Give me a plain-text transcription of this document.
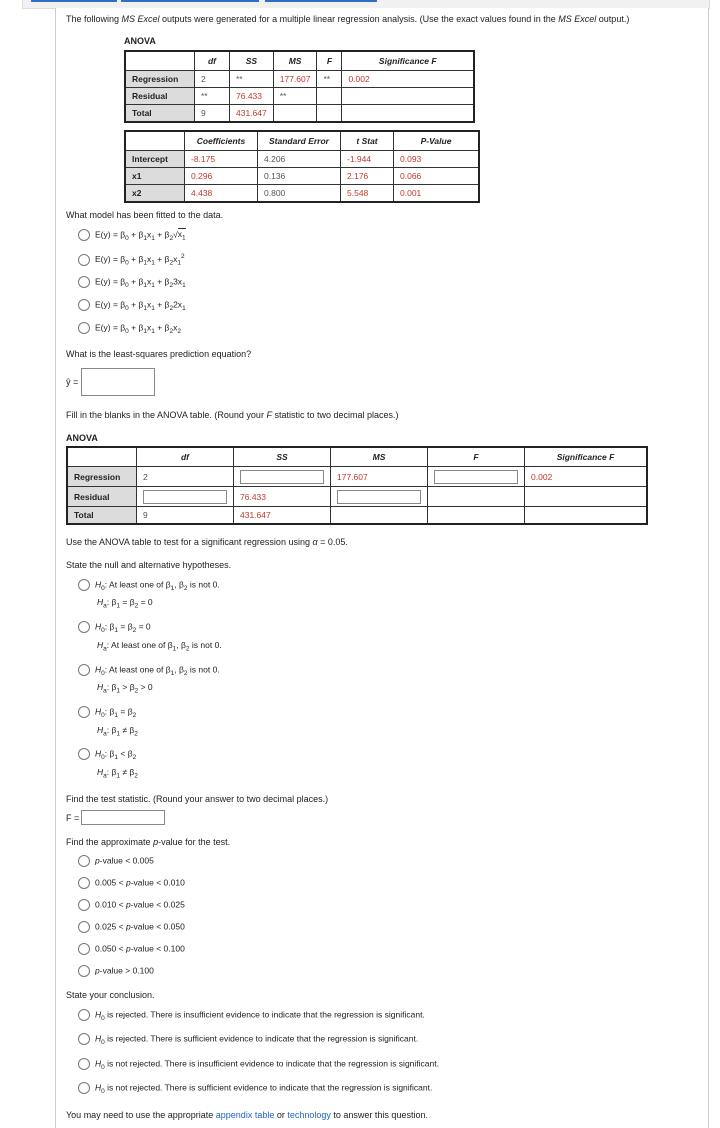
The following MS Excel outputs were generated for a multiple linear regression analysis. (Use the exact values found in the MS Excel output.)
ANOVA
	df	SS	MS	F	Significance F
Regression	2	**	177.607	**	0.002
Residual	**	76.433	**		
Total	9	431.647			
	Coefficients	Standard Error	t Stat	P-Value
Intercept	-8.175	4.206	-1.944	0.093
x1	0.296	0.136	2.176	0.066
x2	4.438	0.800	5.548	0.001
What model has been fitted to the data.
$E(y) = \beta_0 + \beta_1x_1 + \beta_2√x_1$
$E(y) = \beta_0 + \beta_1x_1 + \beta_2x_1^2$
$E(y) = \beta_0 + \beta_1x_1 + \beta_23x_1$
$E(y) = \beta_0 + \beta_1x_1 + \beta_22x_1$
$E(y) = \beta_0 + \beta_1x_1 + \beta_2x_2$
What is the least-squares prediction equation?
ŷ =
Fill in the blanks in the ANOVA table. (Round your F statistic to two decimal places.)
ANOVA
	df	SS	MS	F	Significance F
Regression	2		177.607		0.002
Residual		76.433			
Total	9	431.647			
Use the ANOVA table to test for a significant regression using α = 0.05.
State the null and alternative hypotheses.
$H_0$: At least one of $\beta_1$, $\beta_2$ is not 0.
$H_a$: $\beta_1 = \beta_2 = 0$
$H_0$: $\beta_1 = \beta_2 = 0$
$H_a$: At least one of $\beta_1$, $\beta_2$ is not 0.
$H_0$: At least one of $\beta_1$, $\beta_2$ is not 0.
$H_a$: $\beta_1 > \beta_2 > 0$
$H_0$: $\beta_1 = \beta_2$
$H_a$: $\beta_1 \ne \beta_2$
$H_0$: $\beta_1 < \beta_2$
$H_a$: $\beta_1 \ne \beta_2$
Find the test statistic. (Round your answer to two decimal places.)
F =
Find the approximate p-value for the test.
p-value < 0.005
0.005 < p-value < 0.010
0.010 < p-value < 0.025
0.025 < p-value < 0.050
0.050 < p-value < 0.100
p-value > 0.100
State your conclusion.
$H_0$ is rejected. There is insufficient evidence to indicate that the regression is significant.
$H_0$ is rejected. There is sufficient evidence to indicate that the regression is significant.
$H_0$ is not rejected. There is insufficient evidence to indicate that the regression is significant.
$H_0$ is not rejected. There is sufficient evidence to indicate that the regression is significant.
You may need to use the appropriate appendix table or technology to answer this question.
